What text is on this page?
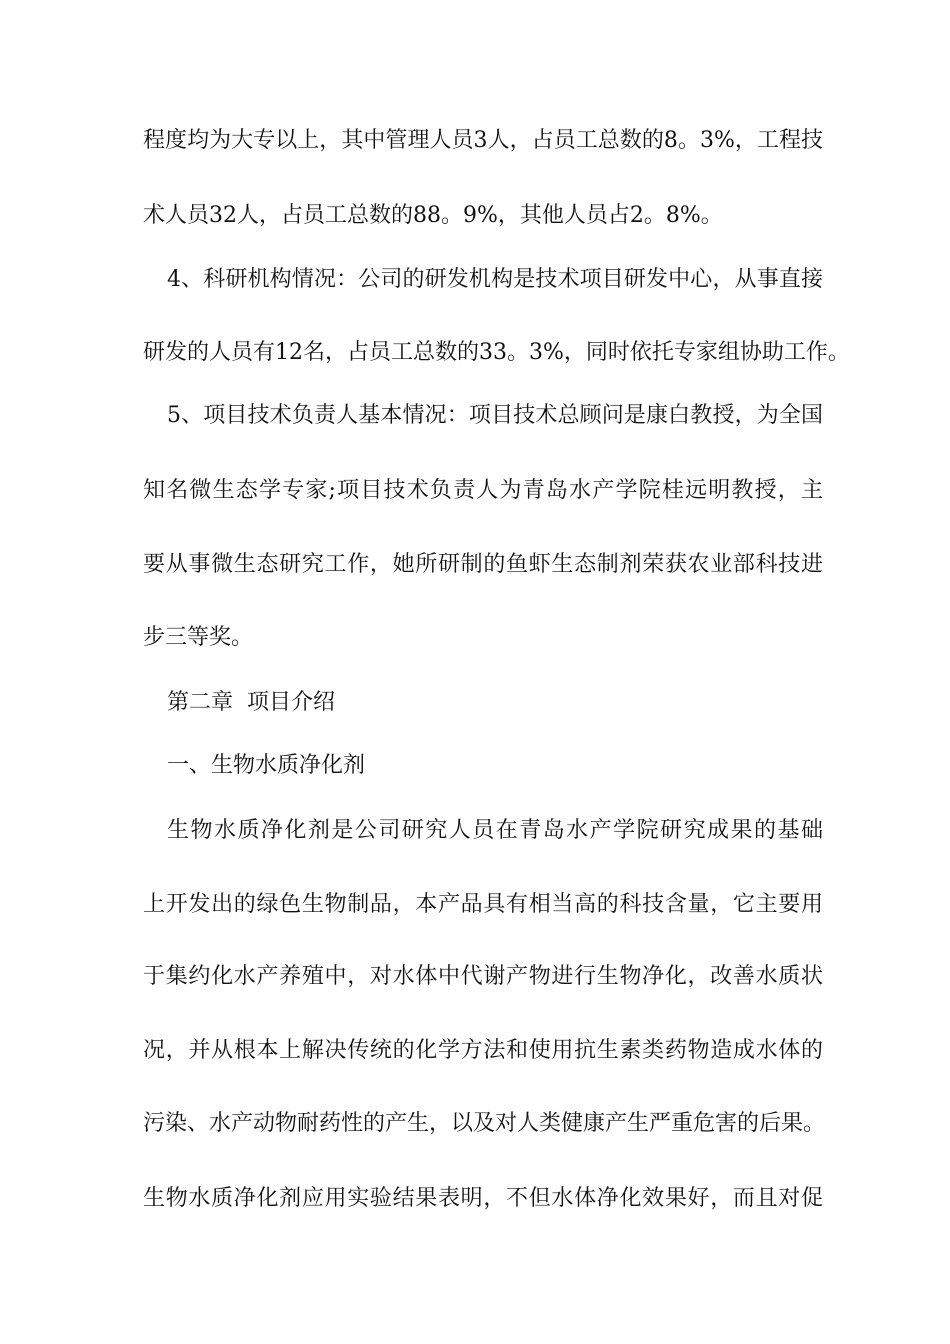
程度均为大专以上，其中管理人员3人，占员工总数的8。3%，工程技
术人员32人，占员工总数的88。9%，其他人员占2。8%。
4、科研机构情况：公司的研发机构是技术项目研发中心，从事直接
研发的人员有12名，占员工总数的33。3%，同时依托专家组协助工作。
5、项目技术负责人基本情况：项目技术总顾问是康白教授，为全国
知名微生态学专家;项目技术负责人为青岛水产学院桂远明教授，主
要从事微生态研究工作，她所研制的鱼虾生态制剂荣获农业部科技进
步三等奖。
第二章  项目介绍
一、生物水质净化剂
生物水质净化剂是公司研究人员在青岛水产学院研究成果的基础
上开发出的绿色生物制品，本产品具有相当高的科技含量，它主要用
于集约化水产养殖中，对水体中代谢产物进行生物净化，改善水质状
况，并从根本上解决传统的化学方法和使用抗生素类药物造成水体的
污染、水产动物耐药性的产生，以及对人类健康产生严重危害的后果。
生物水质净化剂应用实验结果表明，不但水体净化效果好，而且对促
